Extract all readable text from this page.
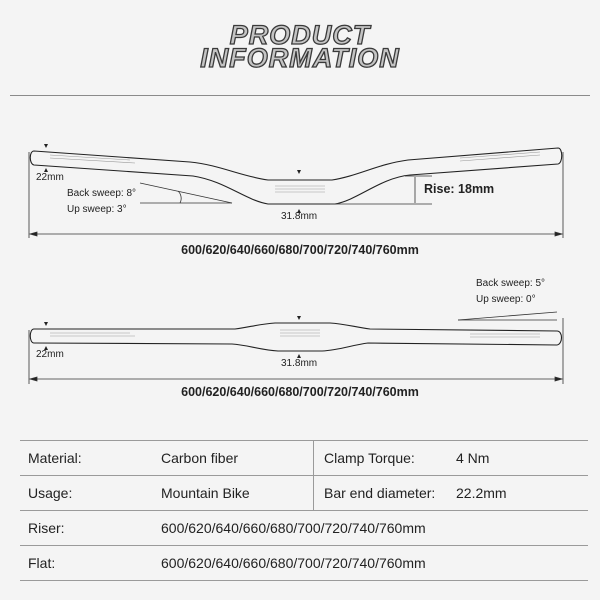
PRODUCT
INFORMATION
22mm
Back sweep: 8°
Up sweep: 3°
31.8mm
Rise: 18mm
600/620/640/660/680/700/720/740/760mm
Back sweep: 5°
Up sweep: 0°
22mm
31.8mm
600/620/640/660/680/700/720/740/760mm
Material:	Carbon fiber	Clamp Torque:	4 Nm
Usage:	Mountain Bike	Bar end diameter:	22.2mm
Riser:	600/620/640/660/680/700/720/740/760mm		
Flat:	600/620/640/660/680/700/720/740/760mm		
